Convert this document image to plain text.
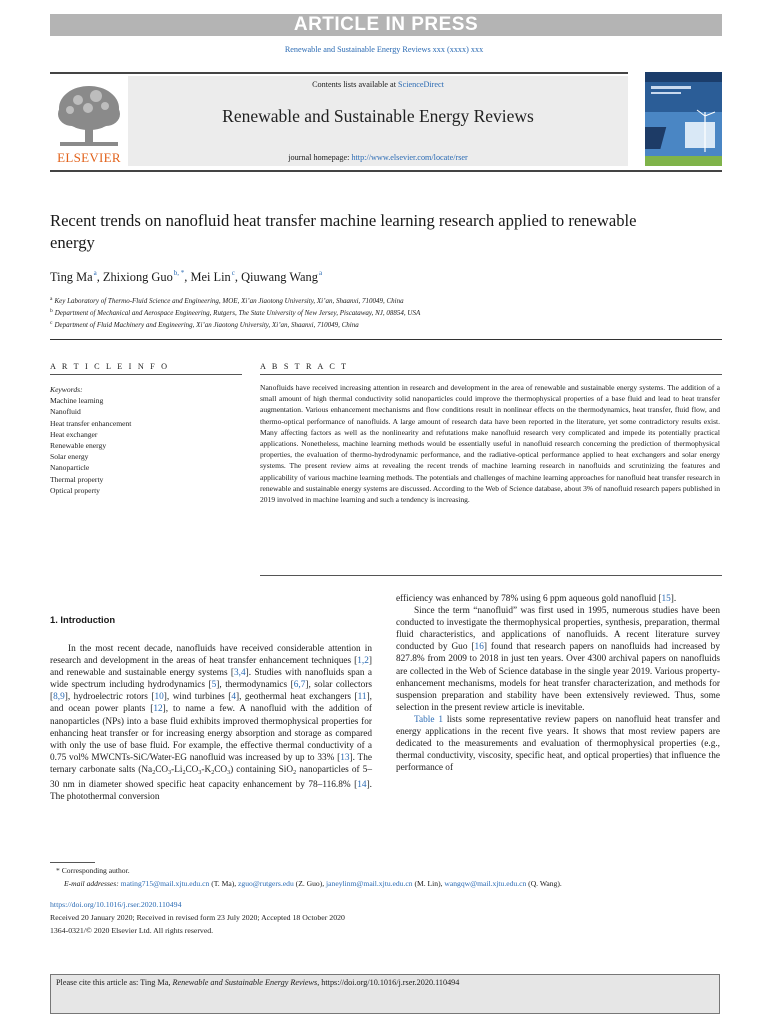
ARTICLE IN PRESS
Renewable and Sustainable Energy Reviews xxx (xxxx) xxx
Contents lists available at ScienceDirect
Renewable and Sustainable Energy Reviews
journal homepage: http://www.elsevier.com/locate/rser
ELSEVIER
Recent trends on nanofluid heat transfer machine learning research applied to renewable energy
Ting Ma$^a$, Zhixiong Guo$^{b, *}$, Mei Lin$^c$, Qiuwang Wang$^a$
$^a$ Key Laboratory of Thermo-Fluid Science and Engineering, MOE, Xi’an Jiaotong University, Xi’an, Shaanxi, 710049, China
$^b$ Department of Mechanical and Aerospace Engineering, Rutgers, The State University of New Jersey, Piscataway, NJ, 08854, USA
$^c$ Department of Fluid Machinery and Engineering, Xi’an Jiaotong University, Xi’an, Shaanxi, 710049, China
A R T I C L E I N F O	A B S T R A C T
Keywords:
Machine learning
Nanofluid
Heat transfer enhancement
Heat exchanger
Renewable energy
Solar energy
Nanoparticle
Thermal property
Optical property
Nanofluids have received increasing attention in research and development in the area of renewable and sustainable energy systems. The addition of a small amount of high thermal conductivity solid nanoparticles could improve the thermophysical properties of a base fluid and lead to heat transfer augmentation. Various enhancement mechanisms and flow conditions result in nonlinear effects on the thermodynamics, heat transfer, fluid flow, and thermo-optical performance of nanofluids. A large amount of research data have been reported in the literature, yet some contradictory results exist. Many affecting factors as well as the nonlinearity and refutations make nanofluid research very complicated and impede its potentially practical applications. Nonetheless, machine learning methods would be essentially useful in nanofluid research concerning the prediction of thermophysical properties, the evaluation of thermo-hydrodynamic performance, and the radiative-optical performance applied to heat exchangers and solar energy systems. The present review aims at revealing the recent trends of machine learning research in nanofluids and scrutinizing the features and applicability of various machine learning methods. The potentials and challenges of machine learning approaches for nanofluid heat transfer research in renewable and sustainable energy systems are discussed. According to the Web of Science database, about 3% of nanofluid research papers published in 2019 involved in machine learning and such a tendency is increasing.
1. Introduction

In the most recent decade, nanofluids have received considerable attention in research and development in the areas of heat transfer enhancement techniques [1,2] and renewable and sustainable energy systems [3,4]. Studies with nanofluids span a wide spectrum including hydrodynamics [5], thermodynamics [6,7], solar collectors [8,9], hydroelectric rotors [10], wind turbines [4], geothermal heat exchangers [11], and ocean power plants [12], to name a few. A nanofluid with the addition of nanoparticles (NPs) into a base fluid exhibits improved thermophysical properties for enhancing heat transfer or for increasing energy absorption and storage as compared with only the use of base fluid. For example, the effective thermal conductivity of a 0.75 vol% MWCNTs-SiC/Water-EG nanofluid was increased by up to 33% [13]. The ternary carbonate salts $(Na_2CO_3-Li_2CO_3-K_2CO_3)$ containing SiO$_2$ nanoparticles of 5–30 nm in diameter showed specific heat capacity enhancement by 78–116.8% [14]. The photothermal conversion

efficiency was enhanced by 78% using 6 ppm aqueous gold nanofluid [15].

Since the term “nanofluid” was first used in 1995, numerous studies have been conducted to investigate the thermophysical properties, synthesis, preparation, thermal fluid characteristics, and applications of nanofluids. A recent literature survey conducted by Guo [16] found that research papers on nanofluids had increased by 827.8% from 2009 to 2018 in just ten years. Over 4300 archival papers on nanofluids are collected in the Web of Science database in the single year 2019. Various property-enhancement mechanisms, models for heat transfer characterization, and methods for suspension preparation and stability have been extensively reviewed. Thus, some selection in the present review article is inevitable.

Table 1 lists some representative review papers on nanofluid heat transfer and energy applications in the recent five years. It shows that most review papers are dedicated to the measurements and evaluation of thermophysical properties (e.g., thermal conductivity, viscosity, specific heat, and optical properties) that influence the performance of

* Corresponding author.
E-mail addresses: mating715@mail.xjtu.edu.cn (T. Ma), zguo@rutgers.edu (Z. Guo), janeylinm@mail.xjtu.edu.cn (M. Lin), wangqw@mail.xjtu.edu.cn (Q. Wang).
https://doi.org/10.1016/j.rser.2020.110494
Received 20 January 2020; Received in revised form 23 July 2020; Accepted 18 October 2020
1364-0321/© 2020 Elsevier Ltd. All rights reserved.
Please cite this article as: Ting Ma, Renewable and Sustainable Energy Reviews, https://doi.org/10.1016/j.rser.2020.110494
